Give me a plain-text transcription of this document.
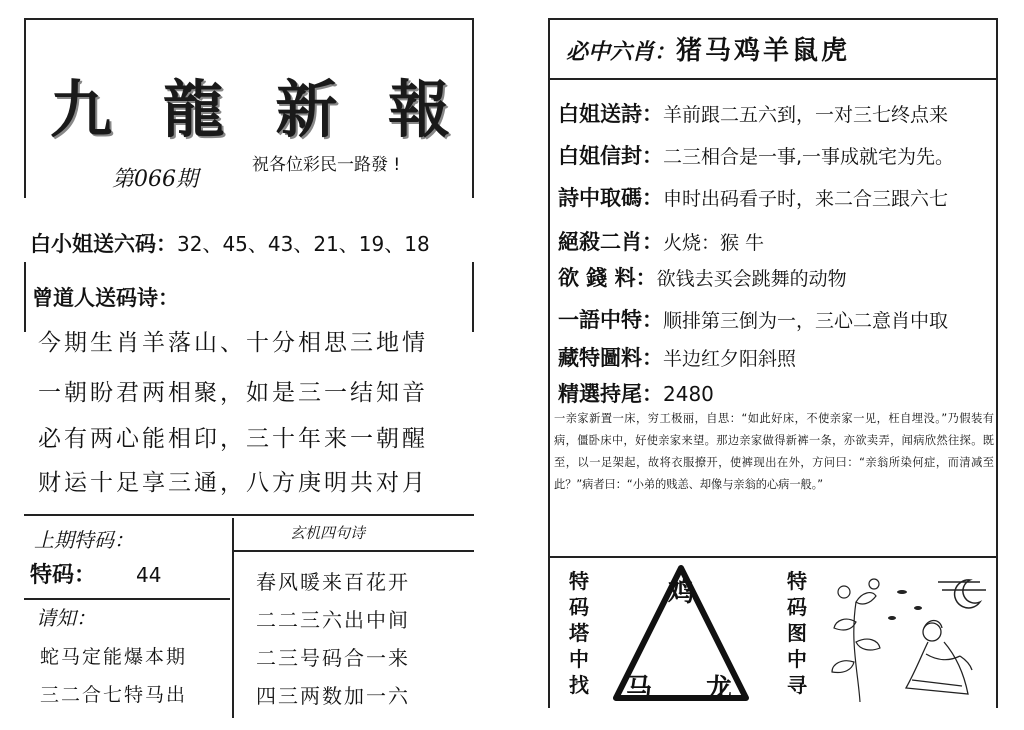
九 龍 新 報
第066期
祝各位彩民一路發 !
白小姐送六码：32、45、43、21、19、18
曾道人送码诗：
今期生肖羊落山、十分相思三地情
一朝盼君两相聚，如是三一结知音
必有两心能相印，三十年来一朝醒
财运十足享三通，八方庚明共对月
上期特码：
特码： 44
请知：
蛇马定能爆本期
三二合七特马出
玄机四句诗
春风暖来百花开
二二三六出中间
二三号码合一来
四三两数加一六
必中六肖：猪马鸡羊鼠虎
白姐送詩：羊前跟二五六到，一对三七终点来
白姐信封：二三相合是一事,一事成就宅为先。
詩中取碼：申时出码看子时，来二合三跟六七
絕殺二肖：火烧：猴 牛
欲 錢 料：欲钱去买会跳舞的动物
一語中特：顺排第三倒为一，三心二意肖中取
藏特圖料：半边红夕阳斜照
精選持尾：2480
一亲家新置一床，穷工极丽，自思：“如此好床，不使亲家一见，枉自埋没。”乃假装有病，僵卧床中，好使亲家来望。那边亲家做得新裤一条，亦欲卖弄，闻病欣然往探。既至，以一足架起，故将衣服撩开，使裤现出在外，方问曰：“亲翁所染何症，而清减至此？”病者曰：“小弟的贱恙、却像与亲翁的心病一般。”
特码塔中找
鸡
马 龙
特码图中寻
